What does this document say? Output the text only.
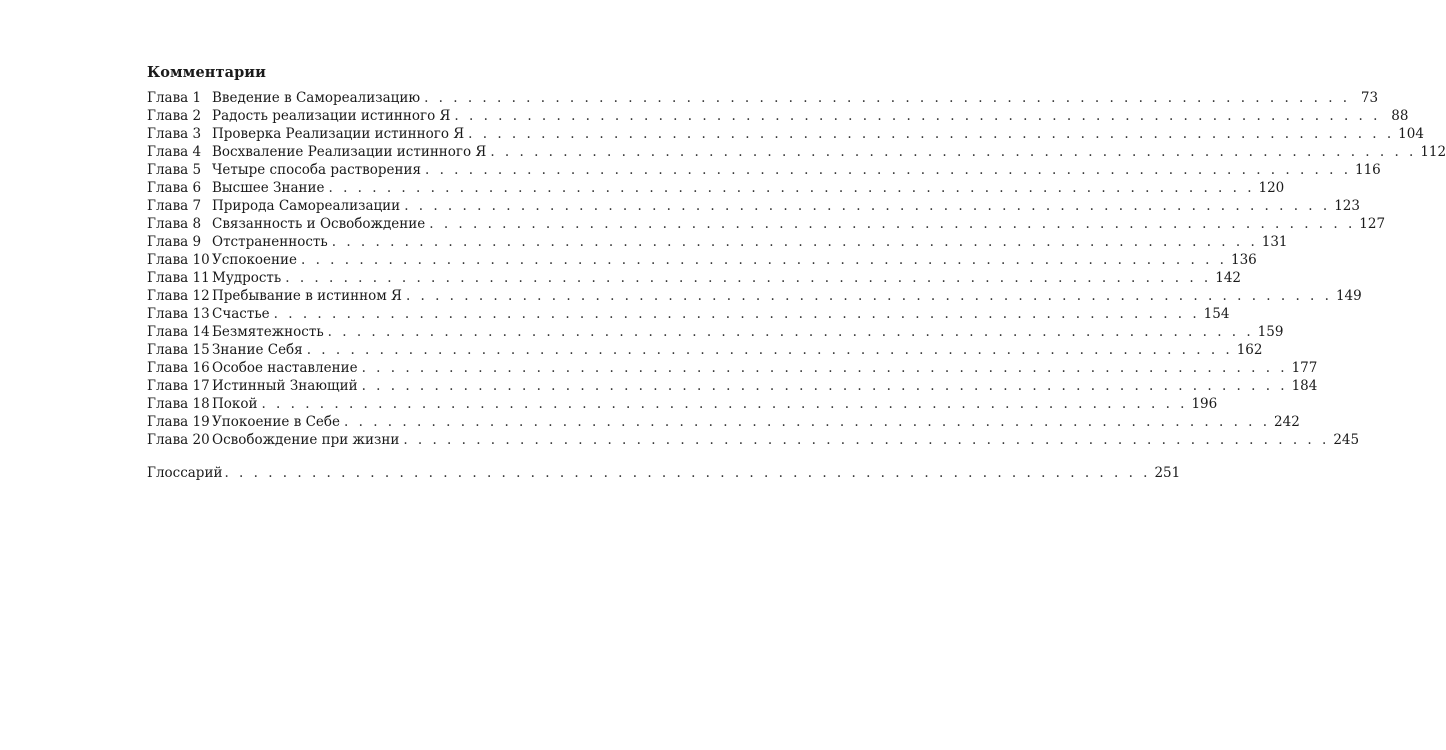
Комментарии
Глава 1 Введение в Самореализацию . . .	73
Глава 2 Радость реализации истинного Я . . .	88
Глава 3 Проверка Реализации истинного Я . . .	104
Глава 4 Восхваление Реализации истинного Я . . .	112
Глава 5 Четыре способа растворения . . .	116
Глава 6 Высшее Знание . . .	120
Глава 7 Природа Самореализации . . .	123
Глава 8 Связанность и Освобождение . . .	127
Глава 9 Отстраненность . . .	131
Глава 10 Успокоение . . .	136
Глава 11 Мудрость . . .	142
Глава 12 Пребывание в истинном Я . . .	149
Глава 13 Счастье . . .	154
Глава 14 Безмятежность . . .	159
Глава 15 Знание Себя . . .	162
Глава 16 Особое наставление . . .	177
Глава 17 Истинный Знающий . . .	184
Глава 18 Покой . . .	196
Глава 19 Упокоение в Себе . . .	242
Глава 20 Освобождение при жизни . . .	245
Глоссарий . . .	251
